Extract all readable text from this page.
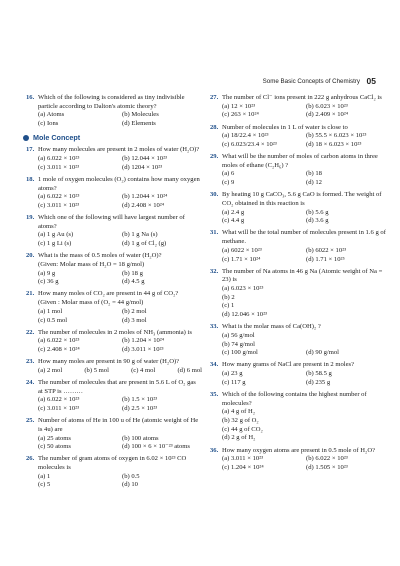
Some Basic Concepts of Chemistry 05
16. Which of the following is considered as tiny indivisible particle according to Dalton's atomic theory?
(a) Atoms	(b) Molecules
(c) Ions	(d) Elements
Mole Concept
17. How many molecules are present in 2 moles of water (H₂O)?
(a) 6.022 × 10²³	(b) 12.044 × 10²³
(c) 3.011 × 10²³	(d) 1204 × 10²³
18. 1 mole of oxygen molecules (O₂) contains how many oxygen atoms?
(a) 6.022 × 10²³	(b) 1.2044 × 10²⁴
(c) 3.011 × 10²³	(d) 2.408 × 10²⁴
19. Which one of the following will have largest number of atoms?
(a) 1 g Au (s)	(b) 1 g Na (s)
(c) 1 g Li (s)	(d) 1 g of Cl₂ (g)
20. What is the mass of 0.5 moles of water (H₂O)?
(Given: Molar mass of H₂O = 18 g/mol)
(a) 9 g	(b) 18 g
(c) 36 g	(d) 4.5 g
21. How many moles of CO₂ are present in 44 g of CO₂?
(Given : Molar mass of (O₂ = 44 g/mol)
(a) 1 mol	(b) 2 mol
(c) 0.5 mol	(d) 3 mol
22. The number of molecules in 2 moles of NH₃ (ammonia) is
(a) 6.022 × 10²³	(b) 1.204 × 10²⁴
(c) 2.408 × 10²⁴	(d) 3.011 × 10²³
23. How many moles are present in 90 g of water (H₂O)?
(a) 2 mol	(b) 5 mol	(c) 4 mol	(d) 6 mol
24. The number of molecules that are present in 5.6 L of O₂ gas at STP is ………
(a) 6.022 × 10²³	(b) 1.5 × 10²³
(c) 3.011 × 10²³	(d) 2.5 × 10²³
25. Number of atoms of He in 100 u of He (atomic weight of He is 4u) are
(a) 25 atoms	(b) 100 atoms
(c) 50 atoms	(d) 100 × 6 × 10⁻²³ atoms
26. The number of gram atoms of oxygen in 6.02 × 10²³ CO molecules is
(a) 1	(b) 0.5
(c) 5	(d) 10
27. The number of Cl⁻ ions present in 222 g anhydrous CaCl₂ is
(a) 12 × 10²³	(b) 6.023 × 10²³
(c) 263 × 10²⁴	(d) 2.409 × 10²⁴
28. Number of molecules in 1 L of water is close to
(a) 18/22.4 × 10²³	(b) 55.5 × 6.023 × 10²³
(c) 6.023/23.4 × 10²³	(d) 18 × 6.023 × 10²³
29. What will be the number of moles of carbon atoms in three moles of ethane (C₂H₆) ?
(a) 6	(b) 18
(c) 9	(d) 12
30. By heating 10 g CaCO₃, 5.6 g CaO is formed. The weight of CO₂ obtained in this reaction is
(a) 2.4 g	(b) 5.6 g
(c) 4.4 g	(d) 3.6 g
31. What will be the total number of molecules present in 1.6 g of methane.
(a) 6022 × 10²³	(b) 6022 × 10²³
(c) 1.71 × 10²⁴	(d) 1.71 × 10²⁵
32. The number of Na atoms in 46 g Na (Atomic weight of Na = 23) is
(a) 6.023 × 10²³
(b) 2
(c) 1
(d) 12.046 × 10²³
33. What is the molar mass of Ca(OH)₂ ?
(a) 56 g/mol
(b) 74 g/mol
(c) 100 g/mol	(d) 90 g/mol
34. How many grams of NaCl are present in 2 moles?
(a) 23 g	(b) 58.5 g
(c) 117 g	(d) 235 g
35. Which of the following contains the highest number of molecules?
(a) 4 g of H₂
(b) 32 g of O₂
(c) 44 g of CO₂
(d) 2 g of H₂
36. How many oxygen atoms are present in 0.5 mole of H₂O?
(a) 3.011 × 10²³	(b) 6.022 × 10²³
(c) 1.204 × 10²⁴	(d) 1.505 × 10²³
